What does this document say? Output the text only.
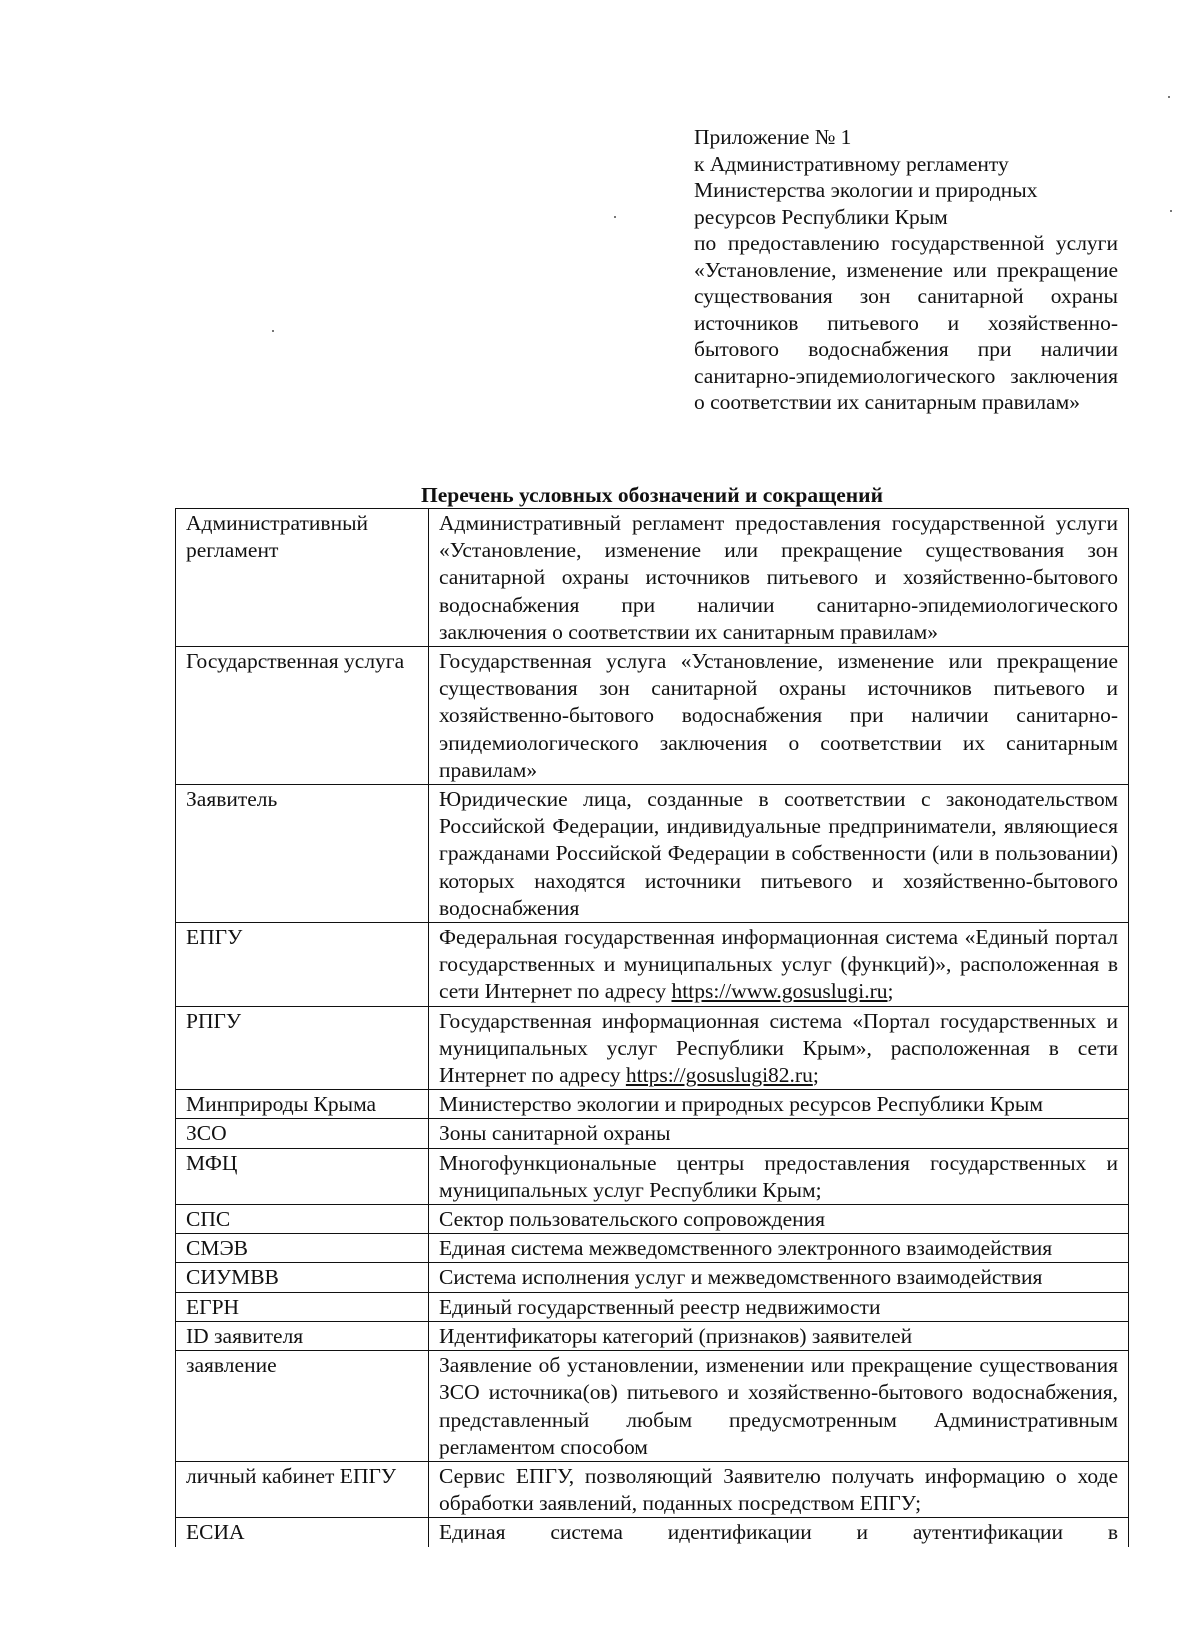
Приложение № 1
к Административному регламенту
Министерства экологии и природных
ресурсов Республики Крым
по предоставлению государственной услуги «Установление, изменение или прекращение существования зон санитарной охраны источников питьевого и хозяйственно-бытового водоснабжения при наличии санитарно-эпидемиологического заключения о соответствии их санитарным правилам»
Перечень условных обозначений и сокращений
Административный регламент	Административный регламент предоставления государственной услуги «Установление, изменение или прекращение существования зон санитарной охраны источников питьевого и хозяйственно-бытового водоснабжения при наличии санитарно-эпидемиологического заключения о соответствии их санитарным правилам»
Государственная услуга	Государственная услуга «Установление, изменение или прекращение существования зон санитарной охраны источников питьевого и хозяйственно-бытового водоснабжения при наличии санитарно-эпидемиологического заключения о соответствии их санитарным правилам»
Заявитель	Юридические лица, созданные в соответствии с законодательством Российской Федерации, индивидуальные предприниматели, являющиеся гражданами Российской Федерации в собственности (или в пользовании) которых находятся источники питьевого и хозяйственно-бытового водоснабжения
ЕПГУ	Федеральная государственная информационная система «Единый портал государственных и муниципальных услуг (функций)», расположенная в сети Интернет по адресу https://www.gosuslugi.ru;
РПГУ	Государственная информационная система «Портал государственных и муниципальных услуг Республики Крым», расположенная в сети Интернет по адресу https://gosuslugi82.ru;
Минприроды Крыма	Министерство экологии и природных ресурсов Республики Крым
ЗСО	Зоны санитарной охраны
МФЦ	Многофункциональные центры предоставления государственных и муниципальных услуг Республики Крым;
СПС	Сектор пользовательского сопровождения
СМЭВ	Единая система межведомственного электронного взаимодействия
СИУМВВ	Система исполнения услуг и межведомственного взаимодействия
ЕГРН	Единый государственный реестр недвижимости
ID заявителя	Идентификаторы категорий (признаков) заявителей
заявление	Заявление об установлении, изменении или прекращение существования ЗСО источника(ов) питьевого и хозяйственно-бытового водоснабжения, представленный любым предусмотренным Административным регламентом способом
личный кабинет ЕПГУ	Сервис ЕПГУ, позволяющий Заявителю получать информацию о ходе обработки заявлений, поданных посредством ЕПГУ;
ЕСИА	Единая система идентификации и аутентификации в
